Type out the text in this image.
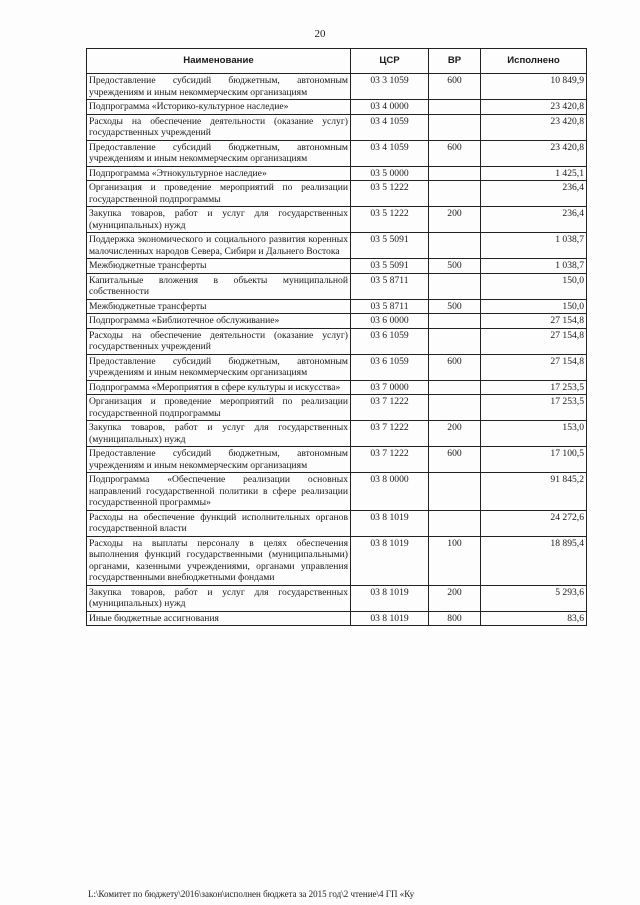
20
Наименование	ЦСР	ВР	Исполнено
Предоставление субсидий бюджетным, автономным учреждениям и иным некоммерческим организациям	03 3 1059	600	10 849,9
Подпрограмма «Историко-культурное наследие»	03 4 0000		23 420,8
Расходы на обеспечение деятельности (оказание услуг) государственных учреждений	03 4 1059		23 420,8
Предоставление субсидий бюджетным, автономным учреждениям и иным некоммерческим организациям	03 4 1059	600	23 420,8
Подпрограмма «Этнокультурное наследие»	03 5 0000		1 425,1
Организация и проведение мероприятий по реализации государственной подпрограммы	03 5 1222		236,4
Закупка товаров, работ и услуг для государственных (муниципальных) нужд	03 5 1222	200	236,4
Поддержка экономического и социального развития коренных малочисленных народов Севера, Сибири и Дальнего Востока	03 5 5091		1 038,7
Межбюджетные трансферты	03 5 5091	500	1 038,7
Капитальные вложения в объекты муниципальной собственности	03 5 8711		150,0
Межбюджетные трансферты	03 5 8711	500	150,0
Подпрограмма «Библиотечное обслуживание»	03 6 0000		27 154,8
Расходы на обеспечение деятельности (оказание услуг) государственных учреждений	03 6 1059		27 154,8
Предоставление субсидий бюджетным, автономным учреждениям и иным некоммерческим организациям	03 6 1059	600	27 154,8
Подпрограмма «Мероприятия в сфере культуры и искусства»	03 7 0000		17 253,5
Организация и проведение мероприятий по реализации государственной подпрограммы	03 7 1222		17 253,5
Закупка товаров, работ и услуг для государственных (муниципальных) нужд	03 7 1222	200	153,0
Предоставление субсидий бюджетным, автономным учреждениям и иным некоммерческим организациям	03 7 1222	600	17 100,5
Подпрограмма «Обеспечение реализации основных направлений государственной политики в сфере реализации государственной программы»	03 8 0000		91 845,2
Расходы на обеспечение функций исполнительных органов государственной власти	03 8 1019		24 272,6
Расходы на выплаты персоналу в целях обеспечения выполнения функций государственными (муниципальными) органами, казенными учреждениями, органами управления государственными внебюджетными фондами	03 8 1019	100	18 895,4
Закупка товаров, работ и услуг для государственных (муниципальных) нужд	03 8 1019	200	5 293,6
Иные бюджетные ассигнования	03 8 1019	800	83,6
L:\Комитет по бюджету\2016\закон\исполнен бюджета за 2015 год\2 чтение\4 ГП «Ку
